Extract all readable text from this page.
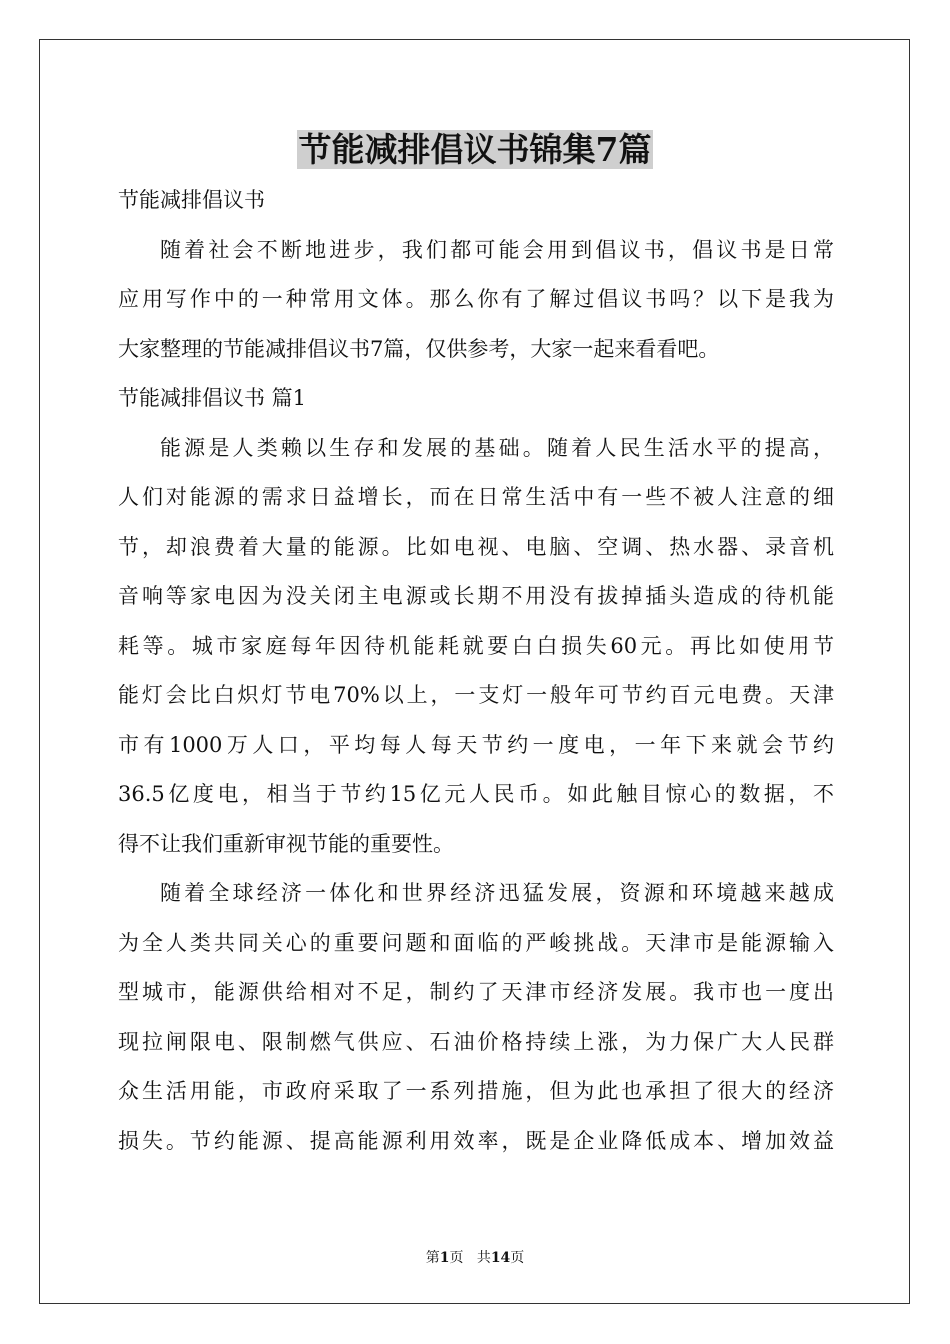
节能减排倡议书锦集7篇

节能减排倡议书

随着社会不断地进步，我们都可能会用到倡议书，倡议书是日常

应用写作中的一种常用文体。那么你有了解过倡议书吗？以下是我为

大家整理的节能减排倡议书7篇，仅供参考，大家一起来看看吧。

节能减排倡议书 篇1

能源是人类赖以生存和发展的基础。随着人民生活水平的提高，

人们对能源的需求日益增长，而在日常生活中有一些不被人注意的细

节，却浪费着大量的能源。比如电视、电脑、空调、热水器、录音机

音响等家电因为没关闭主电源或长期不用没有拔掉插头造成的待机能

耗等。城市家庭每年因待机能耗就要白白损失60元。再比如使用节

能灯会比白炽灯节电70%以上，一支灯一般年可节约百元电费。天津

市有1000万人口，平均每人每天节约一度电，一年下来就会节约

36.5亿度电，相当于节约15亿元人民币。如此触目惊心的数据，不

得不让我们重新审视节能的重要性。

随着全球经济一体化和世界经济迅猛发展，资源和环境越来越成

为全人类共同关心的重要问题和面临的严峻挑战。天津市是能源输入

型城市，能源供给相对不足，制约了天津市经济发展。我市也一度出

现拉闸限电、限制燃气供应、石油价格持续上涨，为力保广大人民群

众生活用能，市政府采取了一系列措施，但为此也承担了很大的经济

损失。节约能源、提高能源利用效率，既是企业降低成本、增加效益

第1页 共14页
